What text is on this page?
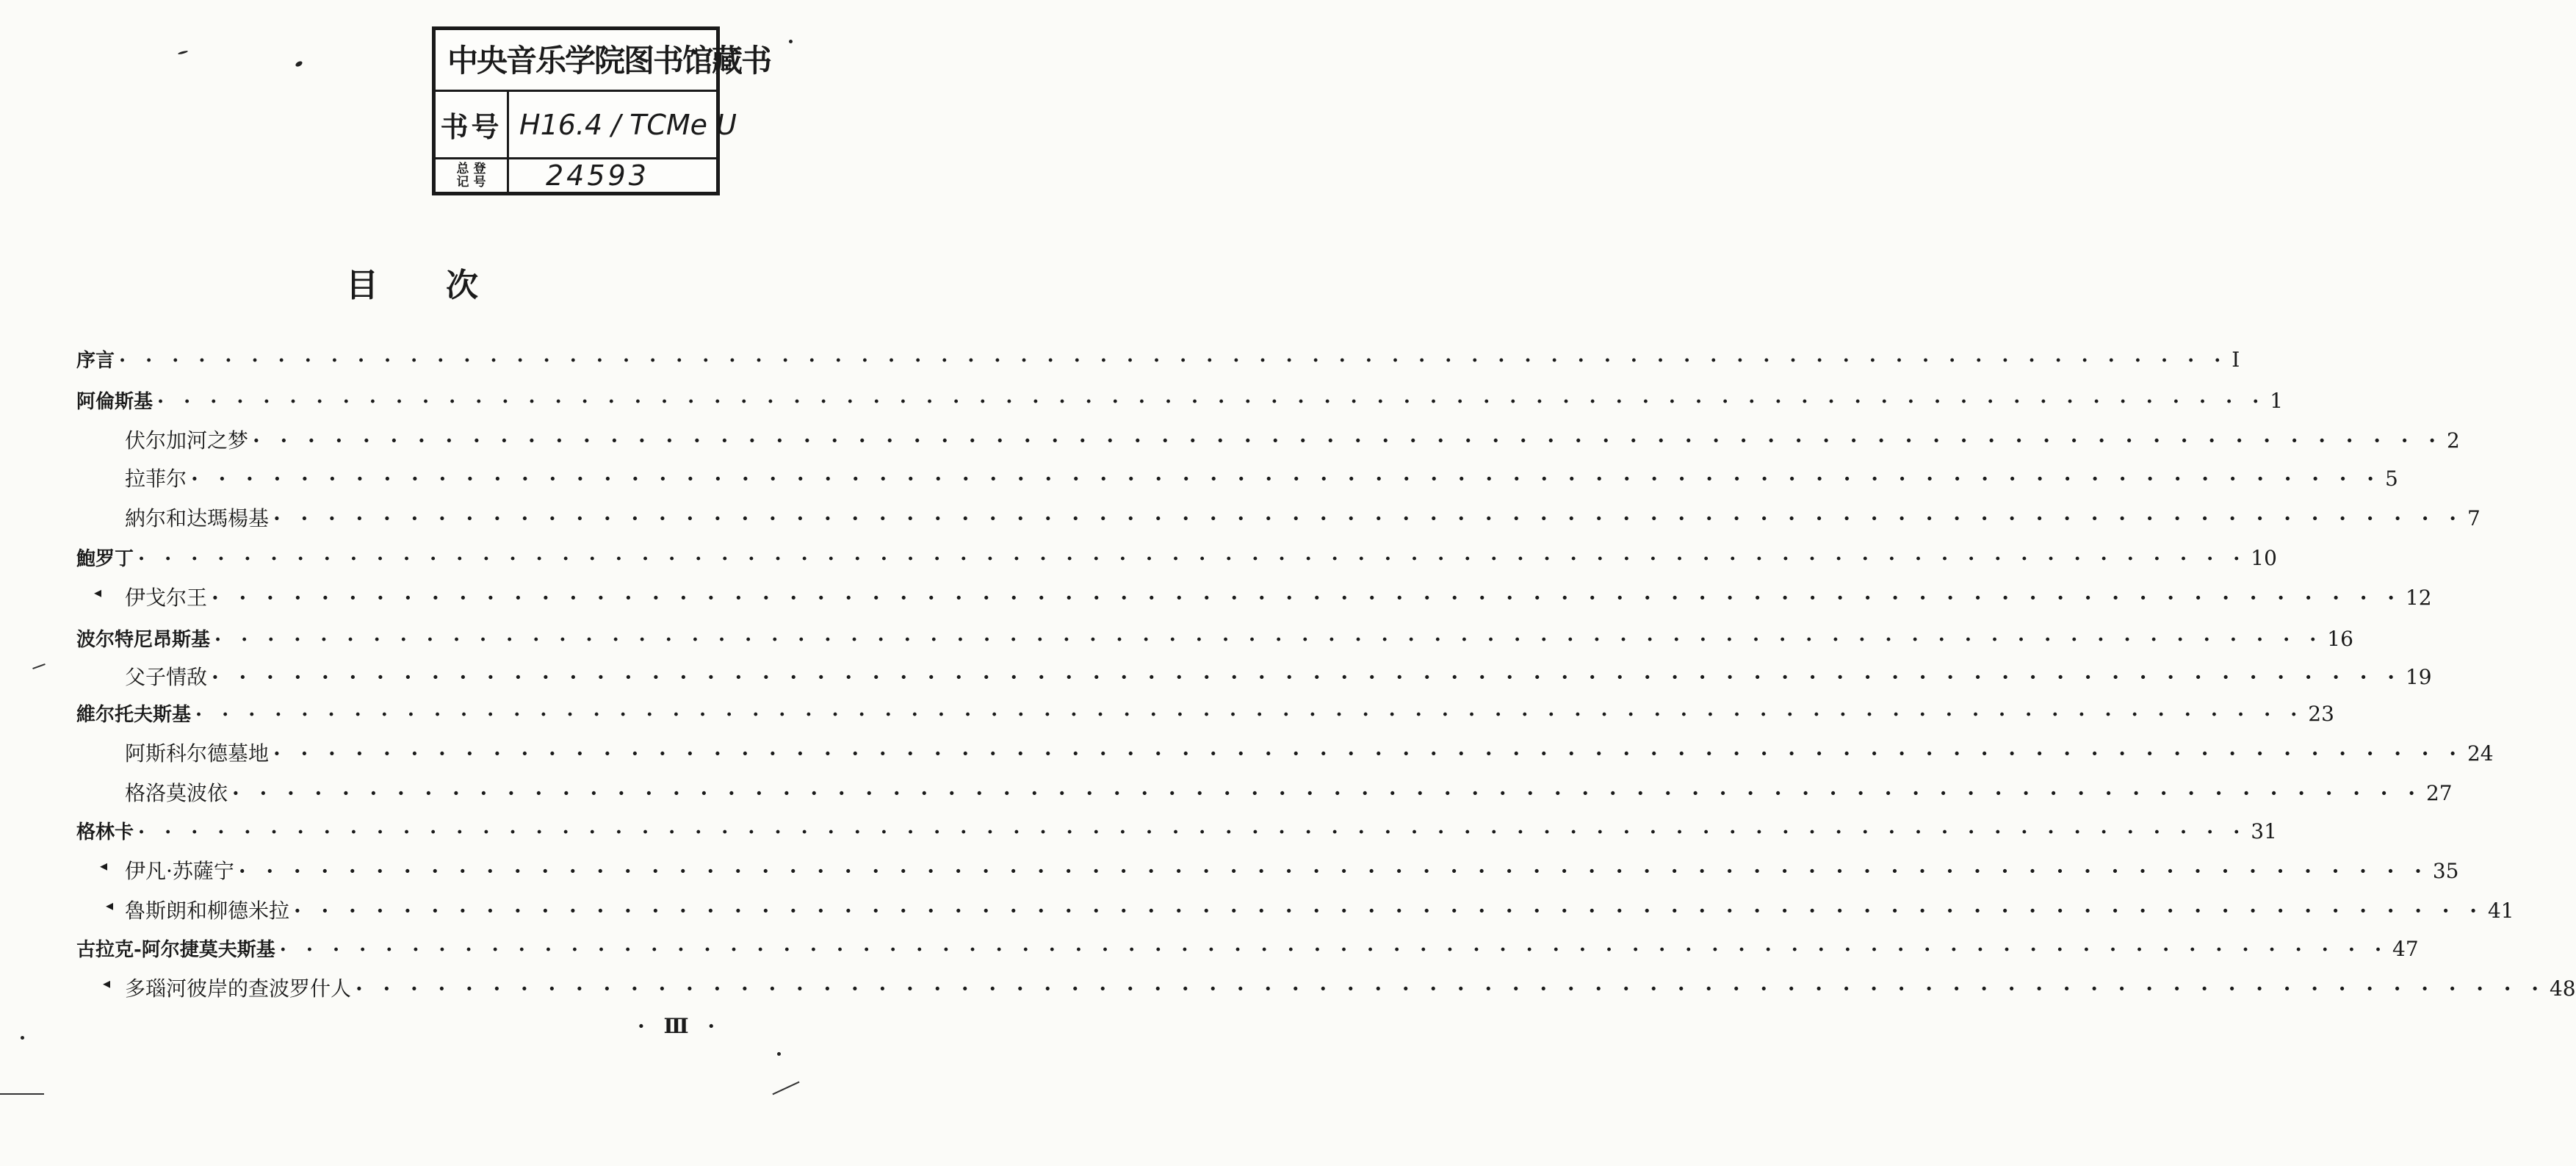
中央音乐学院图书馆藏书
书号 H16.4 / TCMe U
总 登
记 号 24593
目次
序言 · · · · · · · · · · · · · · · · · · · · · · · · · · · · · · · · · · · · · · · · · · · · · · · · · · · · · · · · · · · · · · · · · · · · · · · · · · · · · · · · I
阿倫斯基 · · · · · · · · · · · · · · · · · · · · · · · · · · · · · · · · · · · · · · · · · · · · · · · · · · · · · · · · · · · · · · · · · · · · · · · · · · · · · · · · 1
伏尔加河之梦 · · · · · · · · · · · · · · · · · · · · · · · · · · · · · · · · · · · · · · · · · · · · · · · · · · · · · · · · · · · · · · · · · · · · · · · · · · · · · · · · 2
拉菲尔 · · · · · · · · · · · · · · · · · · · · · · · · · · · · · · · · · · · · · · · · · · · · · · · · · · · · · · · · · · · · · · · · · · · · · · · · · · · · · · · · 5
納尔和达瑪楊基 · · · · · · · · · · · · · · · · · · · · · · · · · · · · · · · · · · · · · · · · · · · · · · · · · · · · · · · · · · · · · · · · · · · · · · · · · · · · · · · · 7
鮑罗丁 · · · · · · · · · · · · · · · · · · · · · · · · · · · · · · · · · · · · · · · · · · · · · · · · · · · · · · · · · · · · · · · · · · · · · · · · · · · · · · · · 10
伊戈尔王 · · · · · · · · · · · · · · · · · · · · · · · · · · · · · · · · · · · · · · · · · · · · · · · · · · · · · · · · · · · · · · · · · · · · · · · · · · · · · · · · 12
◂
波尔特尼昂斯基 · · · · · · · · · · · · · · · · · · · · · · · · · · · · · · · · · · · · · · · · · · · · · · · · · · · · · · · · · · · · · · · · · · · · · · · · · · · · · · · · 16
父子情敌 · · · · · · · · · · · · · · · · · · · · · · · · · · · · · · · · · · · · · · · · · · · · · · · · · · · · · · · · · · · · · · · · · · · · · · · · · · · · · · · · 19
維尔托夫斯基 · · · · · · · · · · · · · · · · · · · · · · · · · · · · · · · · · · · · · · · · · · · · · · · · · · · · · · · · · · · · · · · · · · · · · · · · · · · · · · · · 23
阿斯科尔德墓地 · · · · · · · · · · · · · · · · · · · · · · · · · · · · · · · · · · · · · · · · · · · · · · · · · · · · · · · · · · · · · · · · · · · · · · · · · · · · · · · · 24
格洛莫波依 · · · · · · · · · · · · · · · · · · · · · · · · · · · · · · · · · · · · · · · · · · · · · · · · · · · · · · · · · · · · · · · · · · · · · · · · · · · · · · · · 27
格林卡 · · · · · · · · · · · · · · · · · · · · · · · · · · · · · · · · · · · · · · · · · · · · · · · · · · · · · · · · · · · · · · · · · · · · · · · · · · · · · · · · 31
伊凡·苏薩宁 · · · · · · · · · · · · · · · · · · · · · · · · · · · · · · · · · · · · · · · · · · · · · · · · · · · · · · · · · · · · · · · · · · · · · · · · · · · · · · · · 35
◂
魯斯朗和柳德米拉 · · · · · · · · · · · · · · · · · · · · · · · · · · · · · · · · · · · · · · · · · · · · · · · · · · · · · · · · · · · · · · · · · · · · · · · · · · · · · · · · 41
◂
古拉克-阿尔捷莫夫斯基 · · · · · · · · · · · · · · · · · · · · · · · · · · · · · · · · · · · · · · · · · · · · · · · · · · · · · · · · · · · · · · · · · · · · · · · · · · · · · · · · 47
多瑙河彼岸的查波罗什人 · · · · · · · · · · · · · · · · · · · · · · · · · · · · · · · · · · · · · · · · · · · · · · · · · · · · · · · · · · · · · · · · · · · · · · · · · · · · · · · · 48
◂
· Ⅲ ·
